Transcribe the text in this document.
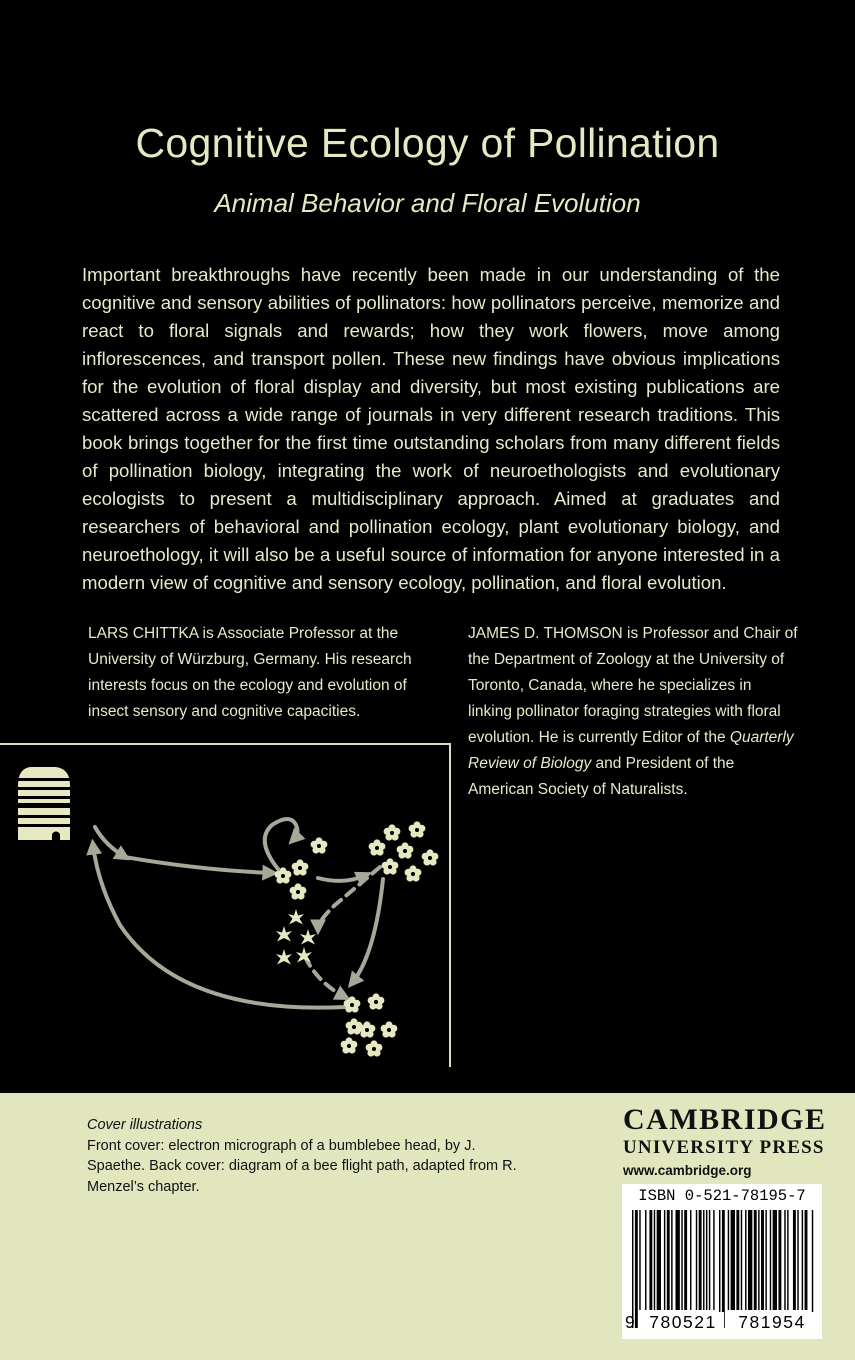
Cognitive Ecology of Pollination
Animal Behavior and Floral Evolution
Important breakthroughs have recently been made in our understanding of the cognitive and sensory abilities of pollinators: how pollinators perceive, memorize and react to floral signals and rewards; how they work flowers, move among inflorescences, and transport pollen. These new findings have obvious implications for the evolution of floral display and diversity, but most existing publications are scattered across a wide range of journals in very different research traditions. This book brings together for the first time outstanding scholars from many different fields of pollination biology, integrating the work of neuroethologists and evolutionary ecologists to present a multidisciplinary approach. Aimed at graduates and researchers of behavioral and pollination ecology, plant evolutionary biology, and neuroethology, it will also be a useful source of information for anyone interested in a modern view of cognitive and sensory ecology, pollination, and floral evolution.
LARS CHITTKA is Associate Professor at the University of Würzburg, Germany. His research interests focus on the ecology and evolution of insect sensory and cognitive capacities.
JAMES D. THOMSON is Professor and Chair of the Department of Zoology at the University of Toronto, Canada, where he specializes in linking pollinator foraging strategies with floral evolution. He is currently Editor of the Quarterly Review of Biology and President of the American Society of Naturalists.
Cover illustrations
Front cover: electron micrograph of a bumblebee head, by J. Spaethe. Back cover: diagram of a bee flight path, adapted from R. Menzel’s chapter.
CAMBRIDGE
UNIVERSITY PRESS
www.cambridge.org
ISBN 0-521-78195-7
9 780521	781954
